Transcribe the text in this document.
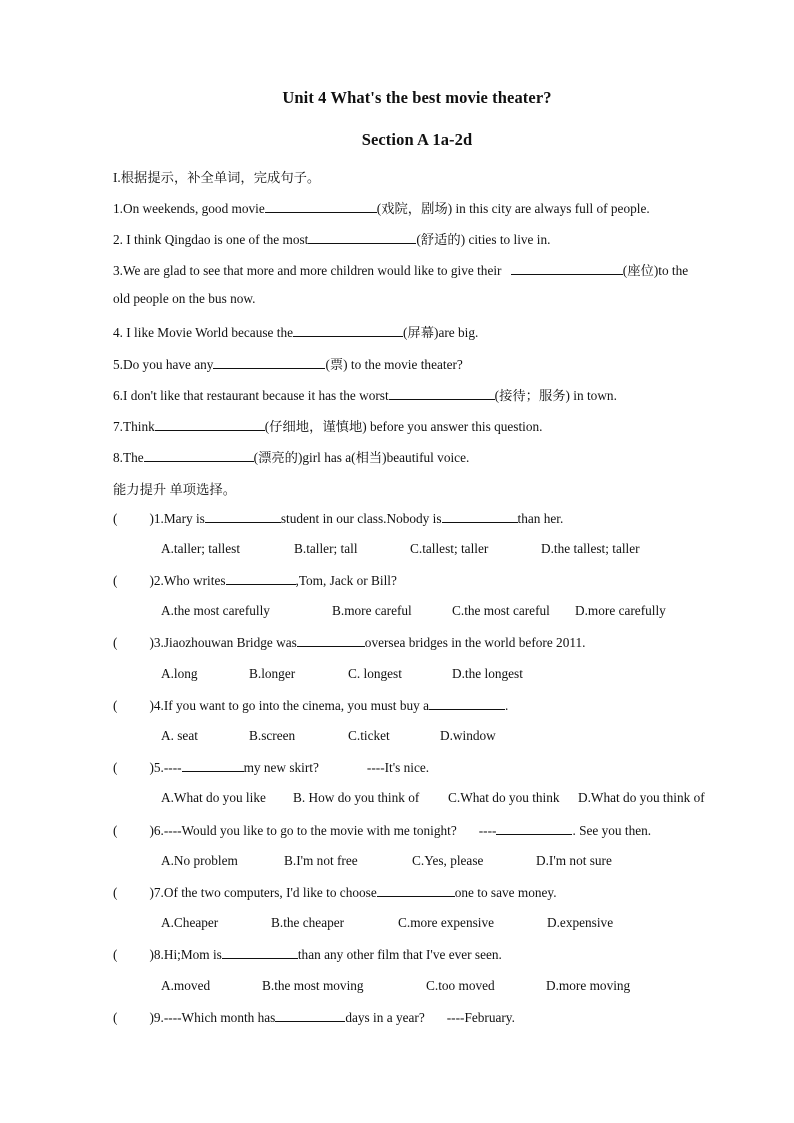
Unit 4 What's the best movie theater?
Section A 1a-2d
I.根据提示，补全单词，完成句子。
1.On weekends, good movie	(戏院，剧场) in this city are always full of people.
2. I think Qingdao is one of the most	(舒适的) cities to live in.
3.We are glad to see that more and more children would like to give their	(座位)to the
old people on the bus now.
4. I like Movie World because the	(屏幕)are big.
5.Do you have any	(票) to the movie theater?
6.I don't like that restaurant because it has the worst	(接待；服务) in town.
7.Think	(仔细地，谨慎地) before you answer this question.
8.The	(漂亮的)girl has a(相当)beautiful voice.
能力提升 单项选择。
( )1.Mary is	student in our class.Nobody is	than her.
A.taller; tallest	B.taller; tall	C.tallest; taller	D.the tallest; taller
( )2.Who writes	,Tom, Jack or Bill?
A.the most carefully	B.more careful	C.the most careful D.more carefully
( )3.Jiaozhouwan Bridge was	oversea bridges in the world before 2011.
A.long	B.longer	C. longest	D.the longest
( )4.If you want to go into the cinema, you must buy a	.
A. seat	B.screen	C.ticket	D.window
( )5.----	my new skirt?	----It's nice.
A.What do you like B. How do you think of C.What do you think D.What do you think of
( )6.----Would you like to go to the movie with me tonight? ----	. See you then.
A.No problem	B.I'm not free	C.Yes, please	D.I'm not sure
( )7.Of the two computers, I'd like to choose	one to save money.
A.Cheaper	B.the cheaper	C.more expensive	D.expensive
( )8.Hi;Mom is	than any other film that I've ever seen.
A.moved	B.the most moving	C.too moved	D.more moving
( )9.----Which month has	days in a year? ----February.
